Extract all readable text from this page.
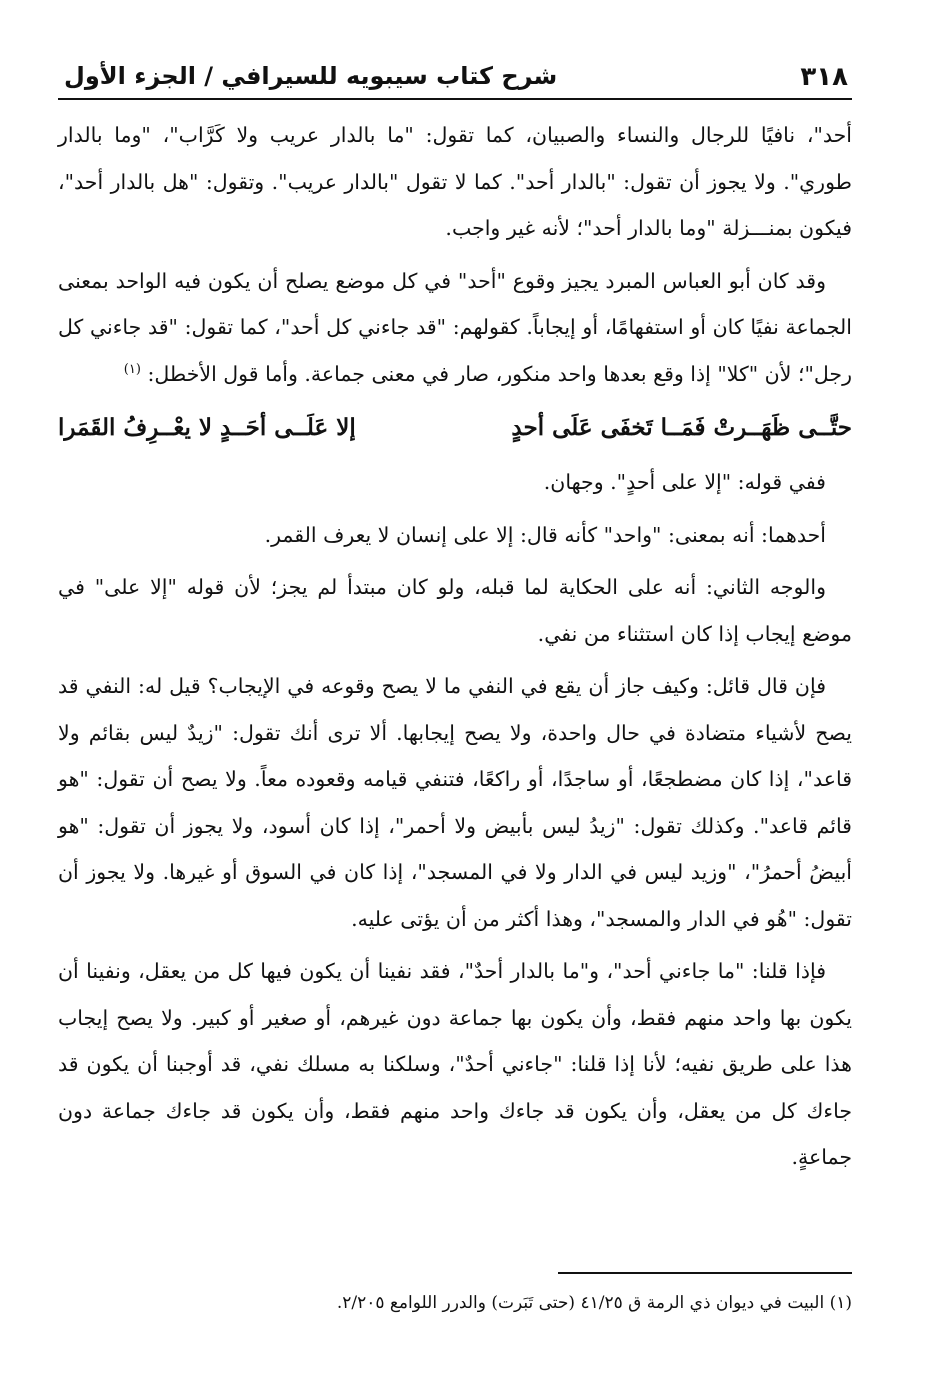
٣١٨
شرح كتاب سيبويه للسيرافي / الجزء الأول

أحد"، نافيًا للرجال والنساء والصبيان، كما تقول: "ما بالدار عريب ولا كَرَّاب"، "وما بالدار طوري". ولا يجوز أن تقول: "بالدار أحد". كما لا تقول "بالدار عريب". وتقول: "هل بالدار أحد"، فيكون بمنـــزلة "وما بالدار أحد"؛ لأنه غير واجب.

وقد كان أبو العباس المبرد يجيز وقوع "أحد" في كل موضع يصلح أن يكون فيه الواحد بمعنى الجماعة نفيًا كان أو استفهامًا، أو إيجاباً. كقولهم: "قد جاءني كل أحد"، كما تقول: "قد جاءني كل رجل"؛ لأن "كلا" إذا وقع بعدها واحد منكور، صار في معنى جماعة. وأما قول الأخطل: $^{(١)}$

حتَّــى ظَهَــرتْ فَمَــا تَخفَى عَلَى أحدٍ
إلا عَلَــى أحَــدٍ لا يعْــرِفُ القَمَرا

ففي قوله: "إلا على أحدٍ". وجهان.

أحدهما: أنه بمعنى: "واحد" كأنه قال: إلا على إنسان لا يعرف القمر.

والوجه الثاني: أنه على الحكاية لما قبله، ولو كان مبتدأ لم يجز؛ لأن قوله "إلا على" في موضع إيجاب إذا كان استثناء من نفي.

فإن قال قائل: وكيف جاز أن يقع في النفي ما لا يصح وقوعه في الإيجاب؟ قيل له: النفي قد يصح لأشياء متضادة في حال واحدة، ولا يصح إيجابها. ألا ترى أنك تقول: "زيدٌ ليس بقائم ولا قاعد"، إذا كان مضطجعًا، أو ساجدًا، أو راكعًا، فتنفي قيامه وقعوده معاً. ولا يصح أن تقول: "هو قائم قاعد". وكذلك تقول: "زيدُ ليس بأبيض ولا أحمر"، إذا كان أسود، ولا يجوز أن تقول: "هو أبيضُ أحمرُ"، "وزيد ليس في الدار ولا في المسجد"، إذا كان في السوق أو غيرها. ولا يجوز أن تقول: "هُو في الدار والمسجد"، وهذا أكثر من أن يؤتى عليه.

فإذا قلنا: "ما جاءني أحد"، و"ما بالدار أحدٌ"، فقد نفينا أن يكون فيها كل من يعقل، ونفينا أن يكون بها واحد منهم فقط، وأن يكون بها جماعة دون غيرهم، أو صغير أو كبير. ولا يصح إيجاب هذا على طريق نفيه؛ لأنا إذا قلنا: "جاءني أحدٌ"، وسلكنا به مسلك نفي، قد أوجبنا أن يكون قد جاءك كل من يعقل، وأن يكون قد جاءك واحد منهم فقط، وأن يكون قد جاءك جماعة دون جماعةٍ.

(١) البيت في ديوان ذي الرمة ق ٤١/٢٥ (حتى تَبَرت) والدرر اللوامع ٢/٢٠٥.
